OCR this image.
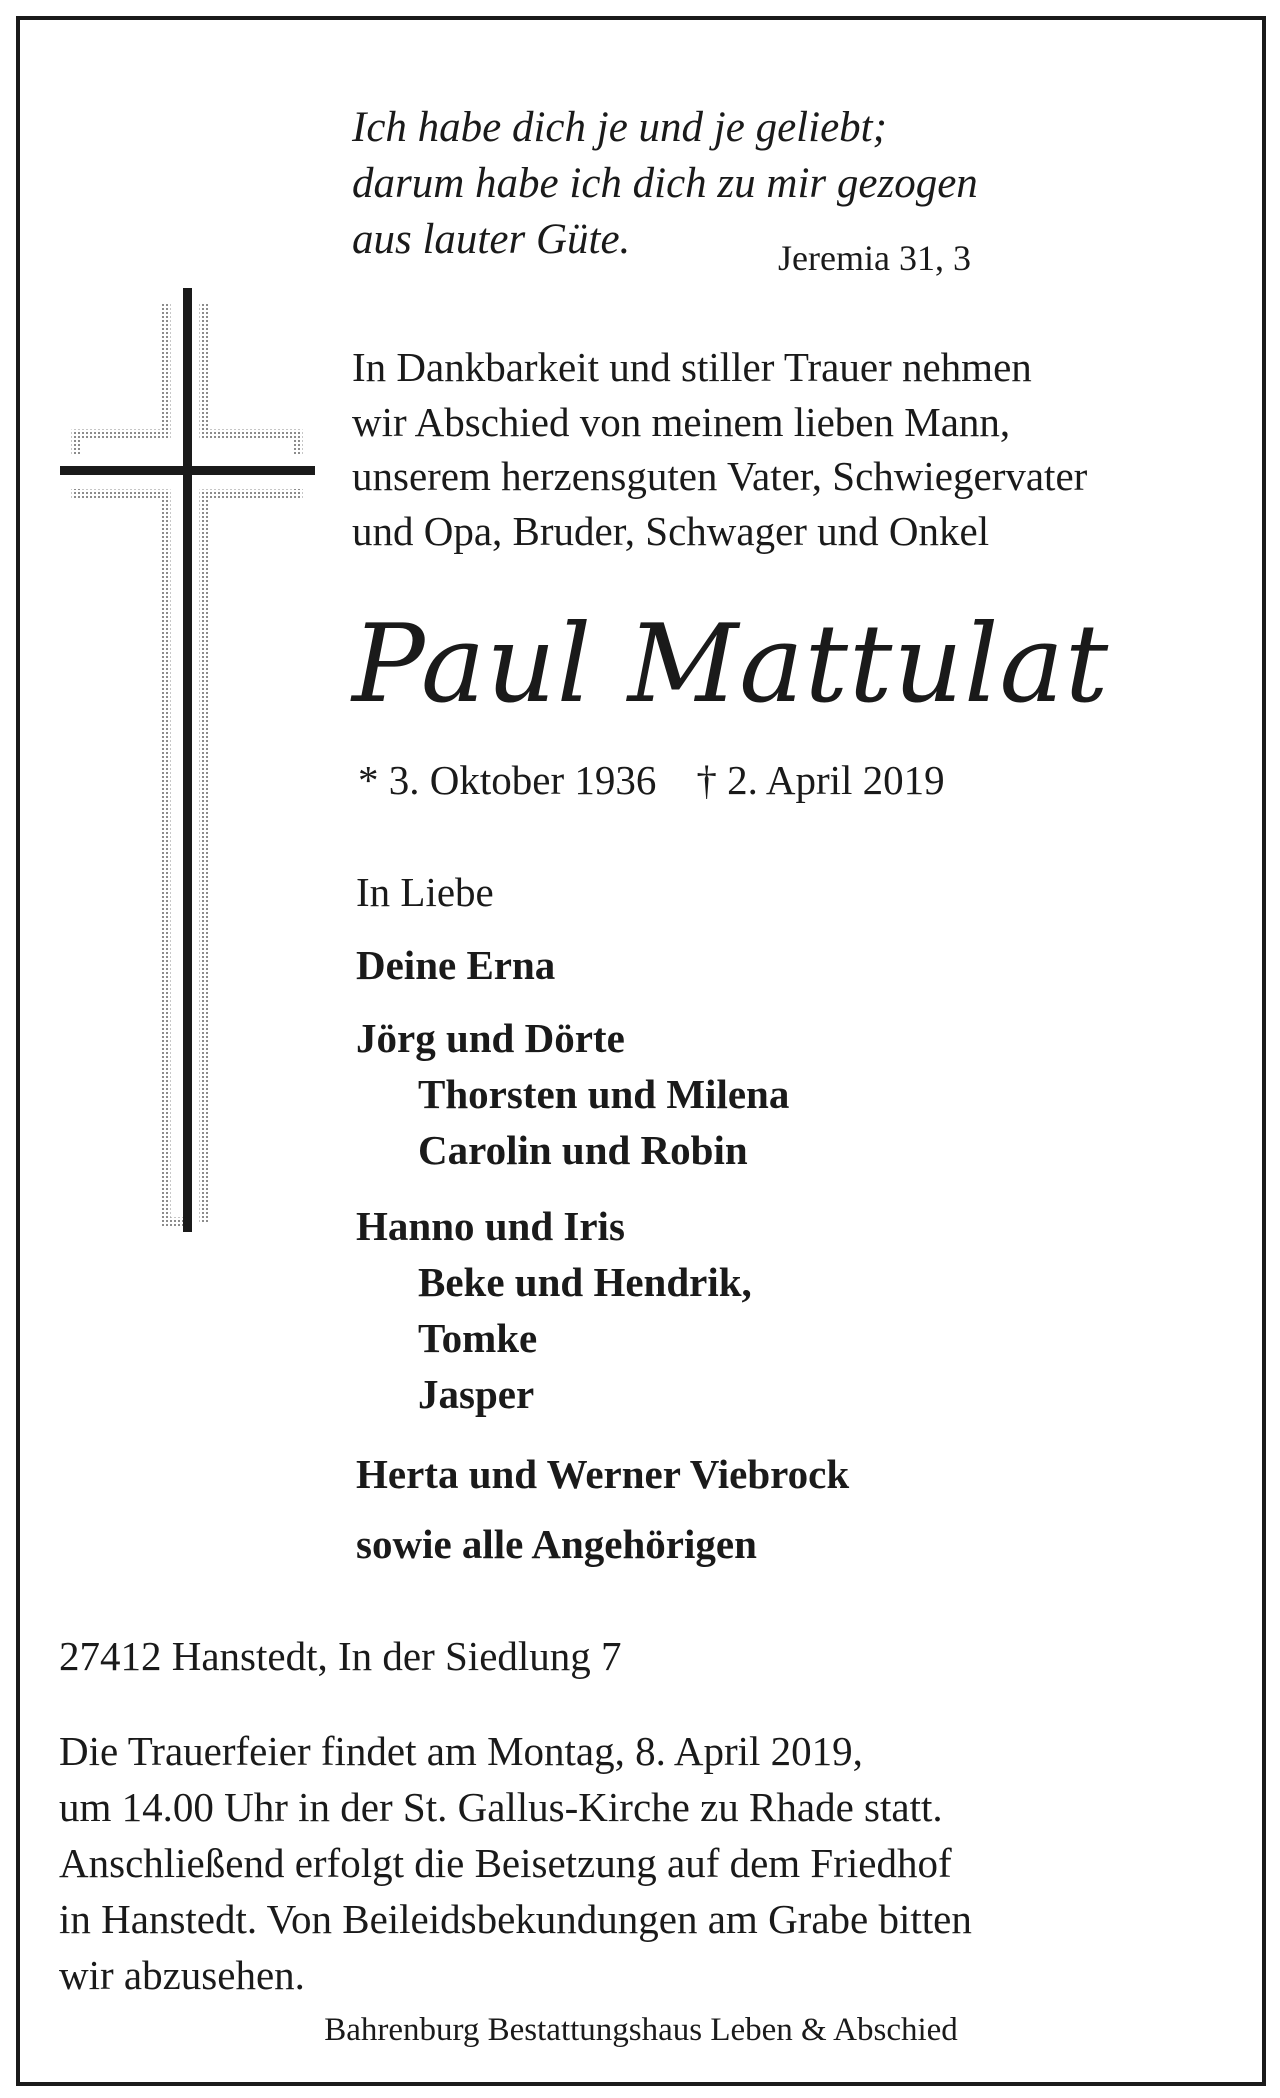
Ich habe dich je und je geliebt;
darum habe ich dich zu mir gezogen
aus lauter Güte.	Jeremia 31, 3
In Dankbarkeit und stiller Trauer nehmen
wir Abschied von meinem lieben Mann,
unserem herzensguten Vater, Schwiegervater
und Opa, Bruder, Schwager und Onkel
Paul Mattulat
* 3. Oktober 1936 † 2. April 2019
In Liebe
Deine Erna
Jörg und Dörte
Thorsten und Milena
Carolin und Robin
Hanno und Iris
Beke und Hendrik,
Tomke
Jasper
Herta und Werner Viebrock
sowie alle Angehörigen
27412 Hanstedt, In der Siedlung 7
Die Trauerfeier findet am Montag, 8. April 2019,
um 14.00 Uhr in der St. Gallus-Kirche zu Rhade statt.
Anschließend erfolgt die Beisetzung auf dem Friedhof
in Hanstedt. Von Beileidsbekundungen am Grabe bitten
wir abzusehen.
Bahrenburg Bestattungshaus Leben & Abschied
